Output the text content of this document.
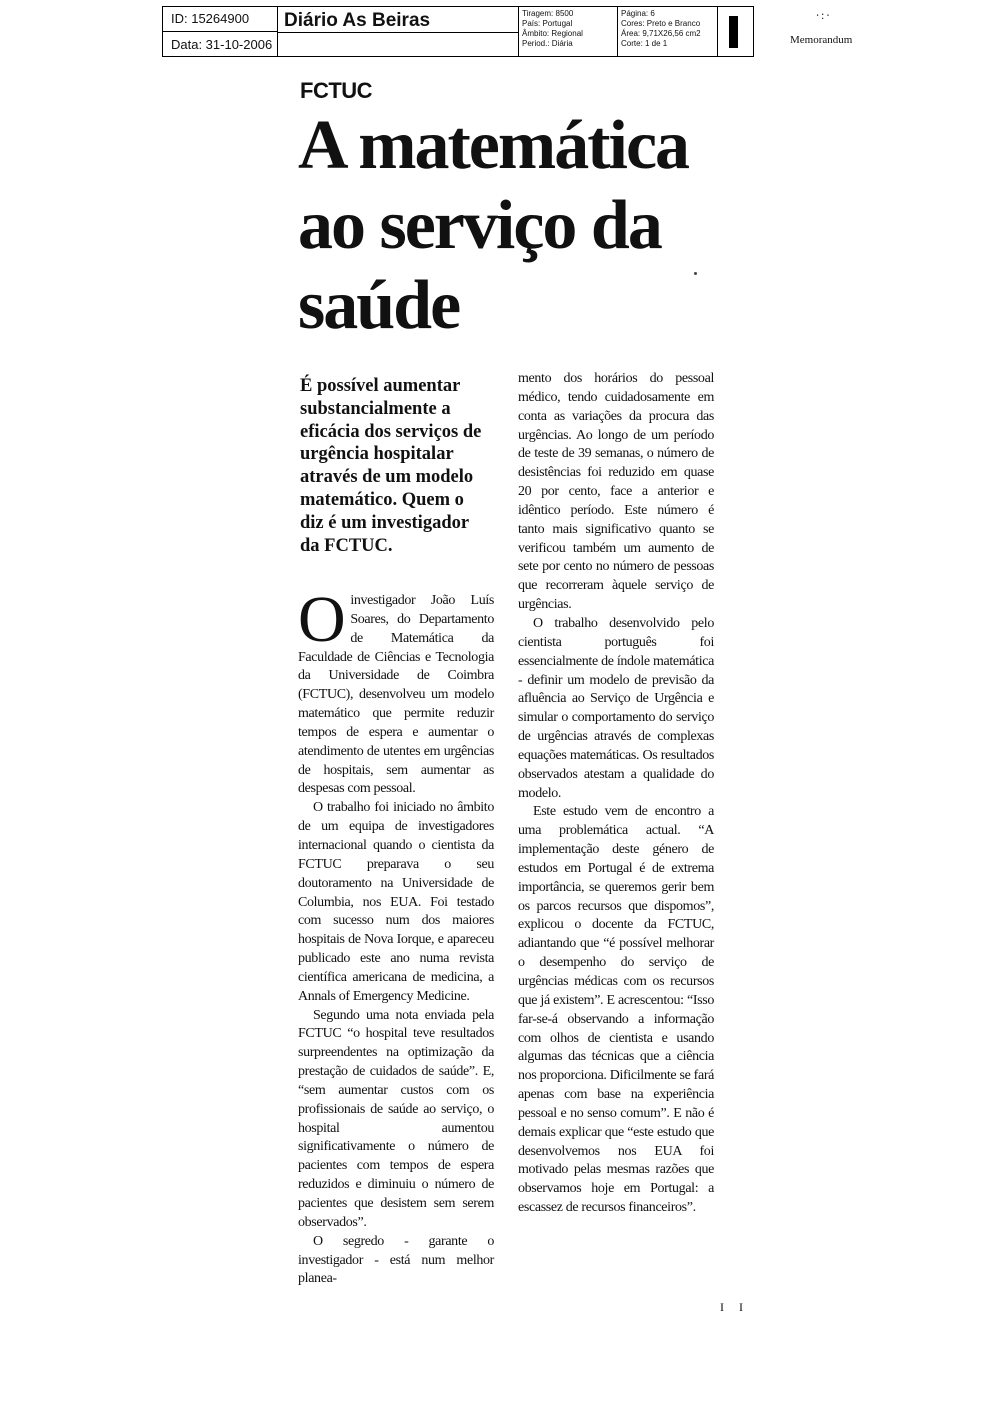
ID: 15264900
Data: 31-10-2006
Diário As Beiras	Tiragem: 8500
País: Portugal
Âmbito: Regional
Period.: Diária
Página: 6
Cores: Preto e Branco
Área: 9,71X26,56 cm2
Corte: 1 de 1
∙:∙
Memorandum
FCTUC
A matemática ao serviço da saúde
É possível aumentar substancialmente a eficácia dos serviços de urgência hospitalar através de um modelo matemático. Quem o diz é um investigador da FCTUC.

Oinvestigador João Luís Soares, do Departamento de Matemática da Faculdade de Ciências e Tecnologia da Universidade de Coimbra (FCTUC), desenvolveu um modelo matemático que permite reduzir tempos de espera e aumentar o atendimento de utentes em urgências de hospitais, sem aumentar as despesas com pessoal.

O trabalho foi iniciado no âmbito de um equipa de investigadores internacional quando o cientista da FCTUC preparava o seu doutoramento na Universidade de Columbia, nos EUA. Foi testado com sucesso num dos maiores hospitais de Nova Iorque, e apareceu publicado este ano numa revista científica americana de medicina, a Annals of Emergency Medicine.

Segundo uma nota enviada pela FCTUC “o hospital teve resultados surpreendentes na optimização da prestação de cuidados de saúde”. E, “sem aumentar custos com os profissionais de saúde ao serviço, o hospital aumentou significativamente o número de pacientes com tempos de espera reduzidos e diminuiu o número de pacientes que desistem sem serem observados”.

O segredo - garante o investigador - está num melhor planea-

mento dos horários do pessoal médico, tendo cuidadosamente em conta as variações da procura das urgências. Ao longo de um período de teste de 39 semanas, o número de desistências foi reduzido em quase 20 por cento, face a anterior e idêntico período. Este número é tanto mais significativo quanto se verificou também um aumento de sete por cento no número de pessoas que recorreram àquele serviço de urgências.

O trabalho desenvolvido pelo cientista português foi essencialmente de índole matemática - definir um modelo de previsão da afluência ao Serviço de Urgência e simular o comportamento do serviço de urgências através de complexas equações matemáticas. Os resultados observados atestam a qualidade do modelo.

Este estudo vem de encontro a uma problemática actual. “A implementação deste género de estudos em Portugal é de extrema importância, se queremos gerir bem os parcos recursos que dispomos”, explicou o docente da FCTUC, adiantando que “é possível melhorar o desempenho do serviço de urgências médicas com os recursos que já existem”. E acrescentou: “Isso far-se-á observando a informação com olhos de cientista e usando algumas das técnicas que a ciência nos proporciona. Dificilmente se fará apenas com base na experiência pessoal e no senso comum”. E não é demais explicar que “este estudo que desenvolvemos nos EUA foi motivado pelas mesmas razões que observamos hoje em Portugal: a escassez de recursos financeiros”.

I I
